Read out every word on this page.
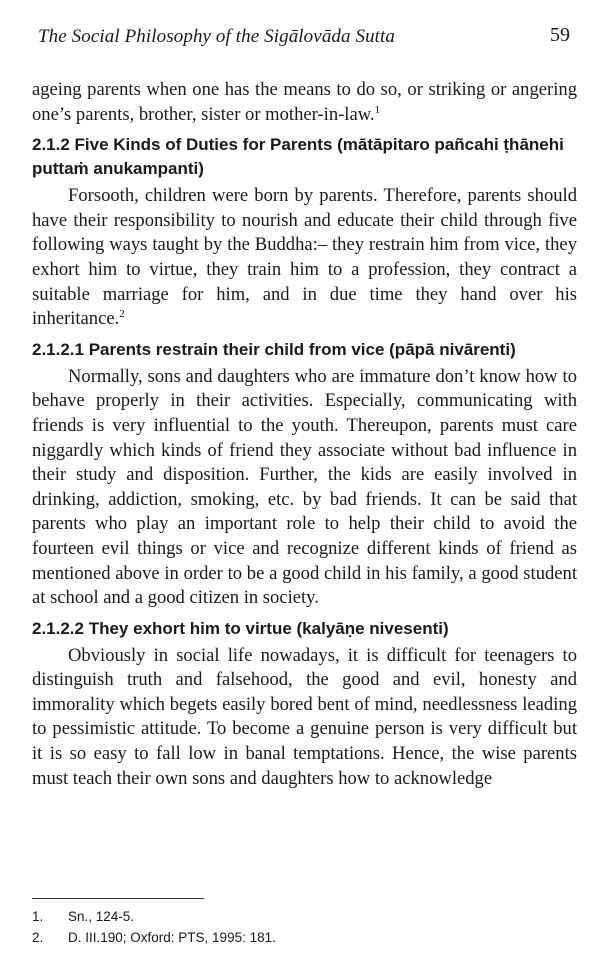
The Social Philosophy of the Sigālovāda Sutta	59

ageing parents when one has the means to do so, or striking or angering one’s parents, brother, sister or mother-in-law.$^1$

2.1.2 Five Kinds of Duties for Parents (mātāpitaro pañcahi ṭhānehi puttaṁ anukampanti)

Forsooth, children were born by parents. Therefore, parents should have their responsibility to nourish and educate their child through five following ways taught by the Buddha:– they restrain him from vice, they exhort him to virtue, they train him to a profession, they contract a suitable marriage for him, and in due time they hand over his inheritance.$^2$

2.1.2.1 Parents restrain their child from vice (pāpā nivārenti)

Normally, sons and daughters who are immature don’t know how to behave properly in their activities. Especially, communicating with friends is very influential to the youth. Thereupon, parents must care niggardly which kinds of friend they associate without bad influence in their study and disposition. Further, the kids are easily involved in drinking, addiction, smoking, etc. by bad friends. It can be said that parents who play an important role to help their child to avoid the fourteen evil things or vice and recognize different kinds of friend as mentioned above in order to be a good child in his family, a good student at school and a good citizen in society.

2.1.2.2 They exhort him to virtue (kalyāṇe nivesenti)

Obviously in social life nowadays, it is difficult for teenagers to distinguish truth and falsehood, the good and evil, honesty and immorality which begets easily bored bent of mind, needlessness leading to pessimistic attitude. To become a genuine person is very difficult but it is so easy to fall low in banal temptations. Hence, the wise parents must teach their own sons and daughters how to acknowledge

1.	Sn., 124-5.
2.	D. III.190; Oxford: PTS, 1995: 181.
